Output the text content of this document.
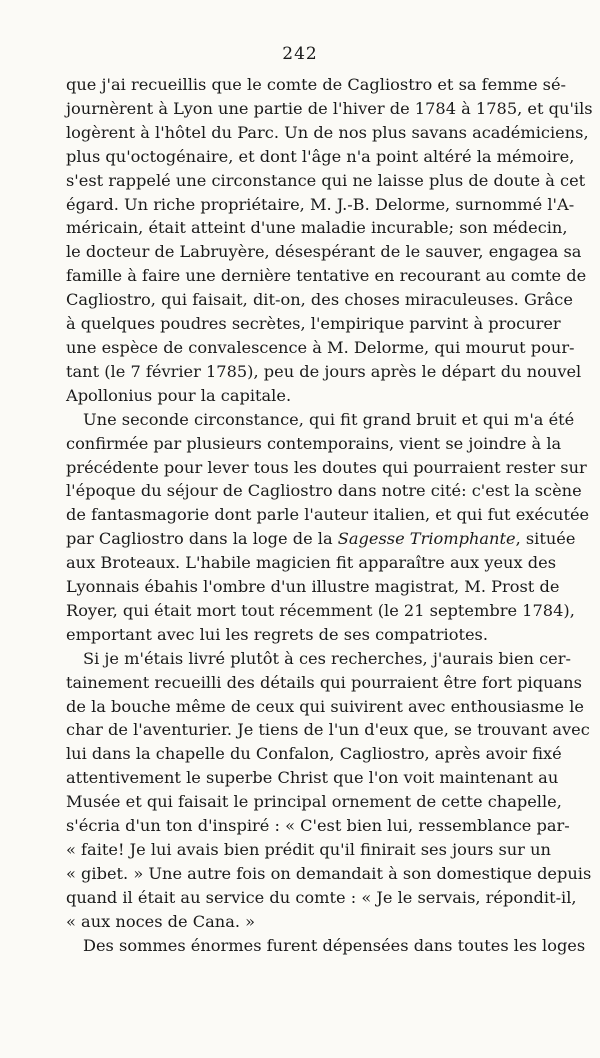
242

que j'ai recueillis que le comte de Cagliostro et sa femme sé-

journèrent à Lyon une partie de l'hiver de 1784 à 1785, et qu'ils

logèrent à l'hôtel du Parc. Un de nos plus savans académiciens,

plus qu'octogénaire, et dont l'âge n'a point altéré la mémoire,

s'est rappelé une circonstance qui ne laisse plus de doute à cet

égard. Un riche propriétaire, M. J.-B. Delorme, surnommé l'A-

méricain, était atteint d'une maladie incurable; son médecin,

le docteur de Labruyère, désespérant de le sauver, engagea sa

famille à faire une dernière tentative en recourant au comte de

Cagliostro, qui faisait, dit-on, des choses miraculeuses. Grâce

à quelques poudres secrètes, l'empirique parvint à procurer

une espèce de convalescence à M. Delorme, qui mourut pour-

tant (le 7 février 1785), peu de jours après le départ du nouvel

Apollonius pour la capitale.

Une seconde circonstance, qui fit grand bruit et qui m'a été

confirmée par plusieurs contemporains, vient se joindre à la

précédente pour lever tous les doutes qui pourraient rester sur

l'époque du séjour de Cagliostro dans notre cité: c'est la scène

de fantasmagorie dont parle l'auteur italien, et qui fut exécutée

par Cagliostro dans la loge de la Sagesse Triomphante, située

aux Broteaux. L'habile magicien fit apparaître aux yeux des

Lyonnais ébahis l'ombre d'un illustre magistrat, M. Prost de

Royer, qui était mort tout récemment (le 21 septembre 1784),

emportant avec lui les regrets de ses compatriotes.

Si je m'étais livré plutôt à ces recherches, j'aurais bien cer-

tainement recueilli des détails qui pourraient être fort piquans

de la bouche même de ceux qui suivirent avec enthousiasme le

char de l'aventurier. Je tiens de l'un d'eux que, se trouvant avec

lui dans la chapelle du Confalon, Cagliostro, après avoir fixé

attentivement le superbe Christ que l'on voit maintenant au

Musée et qui faisait le principal ornement de cette chapelle,

s'écria d'un ton d'inspiré : « C'est bien lui, ressemblance par-

« faite! Je lui avais bien prédit qu'il finirait ses jours sur un

« gibet. » Une autre fois on demandait à son domestique depuis

quand il était au service du comte : « Je le servais, répondit-il,

« aux noces de Cana. »

Des sommes énormes furent dépensées dans toutes les loges
